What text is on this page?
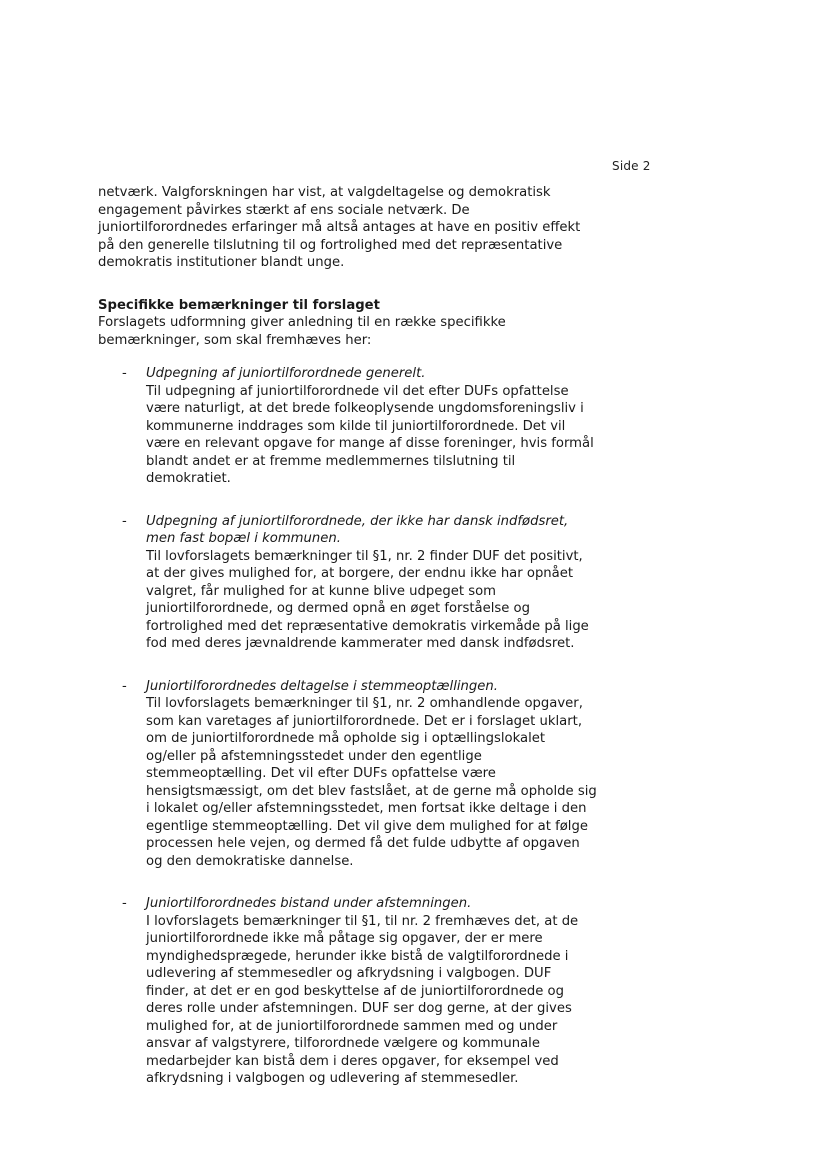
Side 2

netværk. Valgforskningen har vist, at valgdeltagelse og demokratisk engagement påvirkes stærkt af ens sociale netværk. De juniortilforordnedes erfaringer må altså antages at have en positiv effekt på den generelle tilslutning til og fortrolighed med det repræsentative demokratis institutioner blandt unge.

Specifikke bemærkninger til forslaget

Forslagets udformning giver anledning til en række specifikke bemærkninger, som skal fremhæves her:

- Udpegning af juniortilforordnede generelt.
Til udpegning af juniortilforordnede vil det efter DUFs opfattelse være naturligt, at det brede folkeoplysende ungdomsforeningsliv i kommunerne inddrages som kilde til juniortilforordnede. Det vil være en relevant opgave for mange af disse foreninger, hvis formål blandt andet er at fremme medlemmernes tilslutning til demokratiet.
- Udpegning af juniortilforordnede, der ikke har dansk indfødsret, men fast bopæl i kommunen.
Til lovforslagets bemærkninger til §1, nr. 2 finder DUF det positivt, at der gives mulighed for, at borgere, der endnu ikke har opnået valgret, får mulighed for at kunne blive udpeget som juniortilforordnede, og dermed opnå en øget forståelse og fortrolighed med det repræsentative demokratis virkemåde på lige fod med deres jævnaldrende kammerater med dansk indfødsret.
- Juniortilforordnedes deltagelse i stemmeoptællingen.
Til lovforslagets bemærkninger til §1, nr. 2 omhandlende opgaver, som kan varetages af juniortilforordnede. Det er i forslaget uklart, om de juniortilforordnede må opholde sig i optællingslokalet og/eller på afstemningsstedet under den egentlige stemmeoptælling. Det vil efter DUFs opfattelse være hensigtsmæssigt, om det blev fastslået, at de gerne må opholde sig i lokalet og/eller afstemningsstedet, men fortsat ikke deltage i den egentlige stemmeoptælling. Det vil give dem mulighed for at følge processen hele vejen, og dermed få det fulde udbytte af opgaven og den demokratiske dannelse.
- Juniortilforordnedes bistand under afstemningen.
I lovforslagets bemærkninger til §1, til nr. 2 fremhæves det, at de juniortilforordnede ikke må påtage sig opgaver, der er mere myndighedsprægede, herunder ikke bistå de valgtilforordnede i udlevering af stemmesedler og afkrydsning i valgbogen. DUF finder, at det er en god beskyttelse af de juniortilforordnede og deres rolle under afstemningen. DUF ser dog gerne, at der gives mulighed for, at de juniortilforordnede sammen med og under ansvar af valgstyrere, tilforordnede vælgere og kommunale medarbejder kan bistå dem i deres opgaver, for eksempel ved afkrydsning i valgbogen og udlevering af stemmesedler.
